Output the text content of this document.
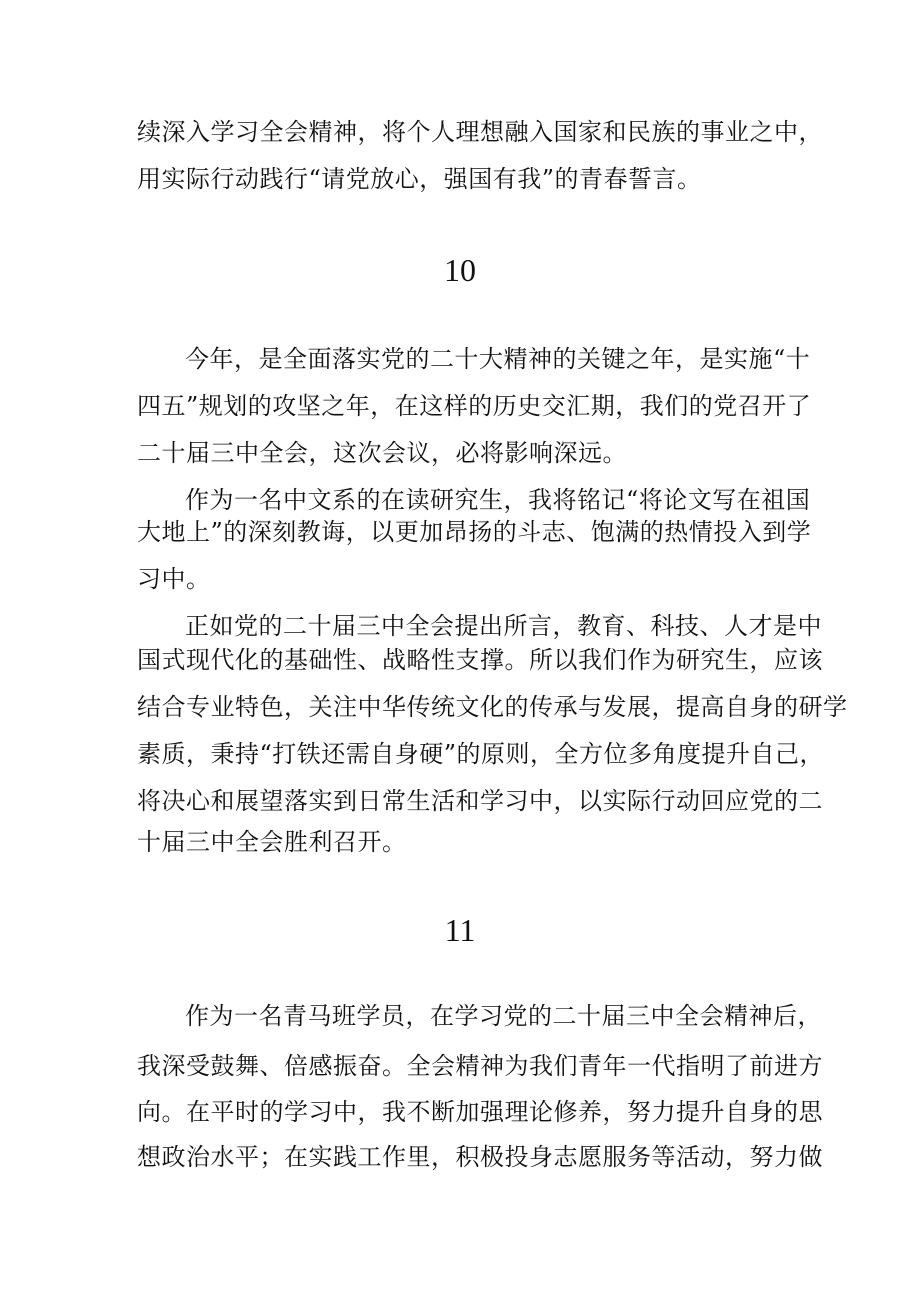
续深入学习全会精神，将个人理想融入国家和民族的事业之中，
用实际行动践行“请党放心，强国有我”的青春誓言。
10
今年，是全面落实党的二十大精神的关键之年，是实施“十
四五”规划的攻坚之年，在这样的历史交汇期，我们的党召开了
二十届三中全会，这次会议，必将影响深远。
作为一名中文系的在读研究生，我将铭记“将论文写在祖国
大地上”的深刻教诲，以更加昂扬的斗志、饱满的热情投入到学
习中。
正如党的二十届三中全会提出所言，教育、科技、人才是中
国式现代化的基础性、战略性支撑。所以我们作为研究生，应该
结合专业特色，关注中华传统文化的传承与发展，提高自身的研学
素质，秉持“打铁还需自身硬”的原则，全方位多角度提升自己，
将决心和展望落实到日常生活和学习中，以实际行动回应党的二
十届三中全会胜利召开。
11
作为一名青马班学员，在学习党的二十届三中全会精神后，
我深受鼓舞、倍感振奋。全会精神为我们青年一代指明了前进方
向。在平时的学习中，我不断加强理论修养，努力提升自身的思
想政治水平；在实践工作里，积极投身志愿服务等活动，努力做
